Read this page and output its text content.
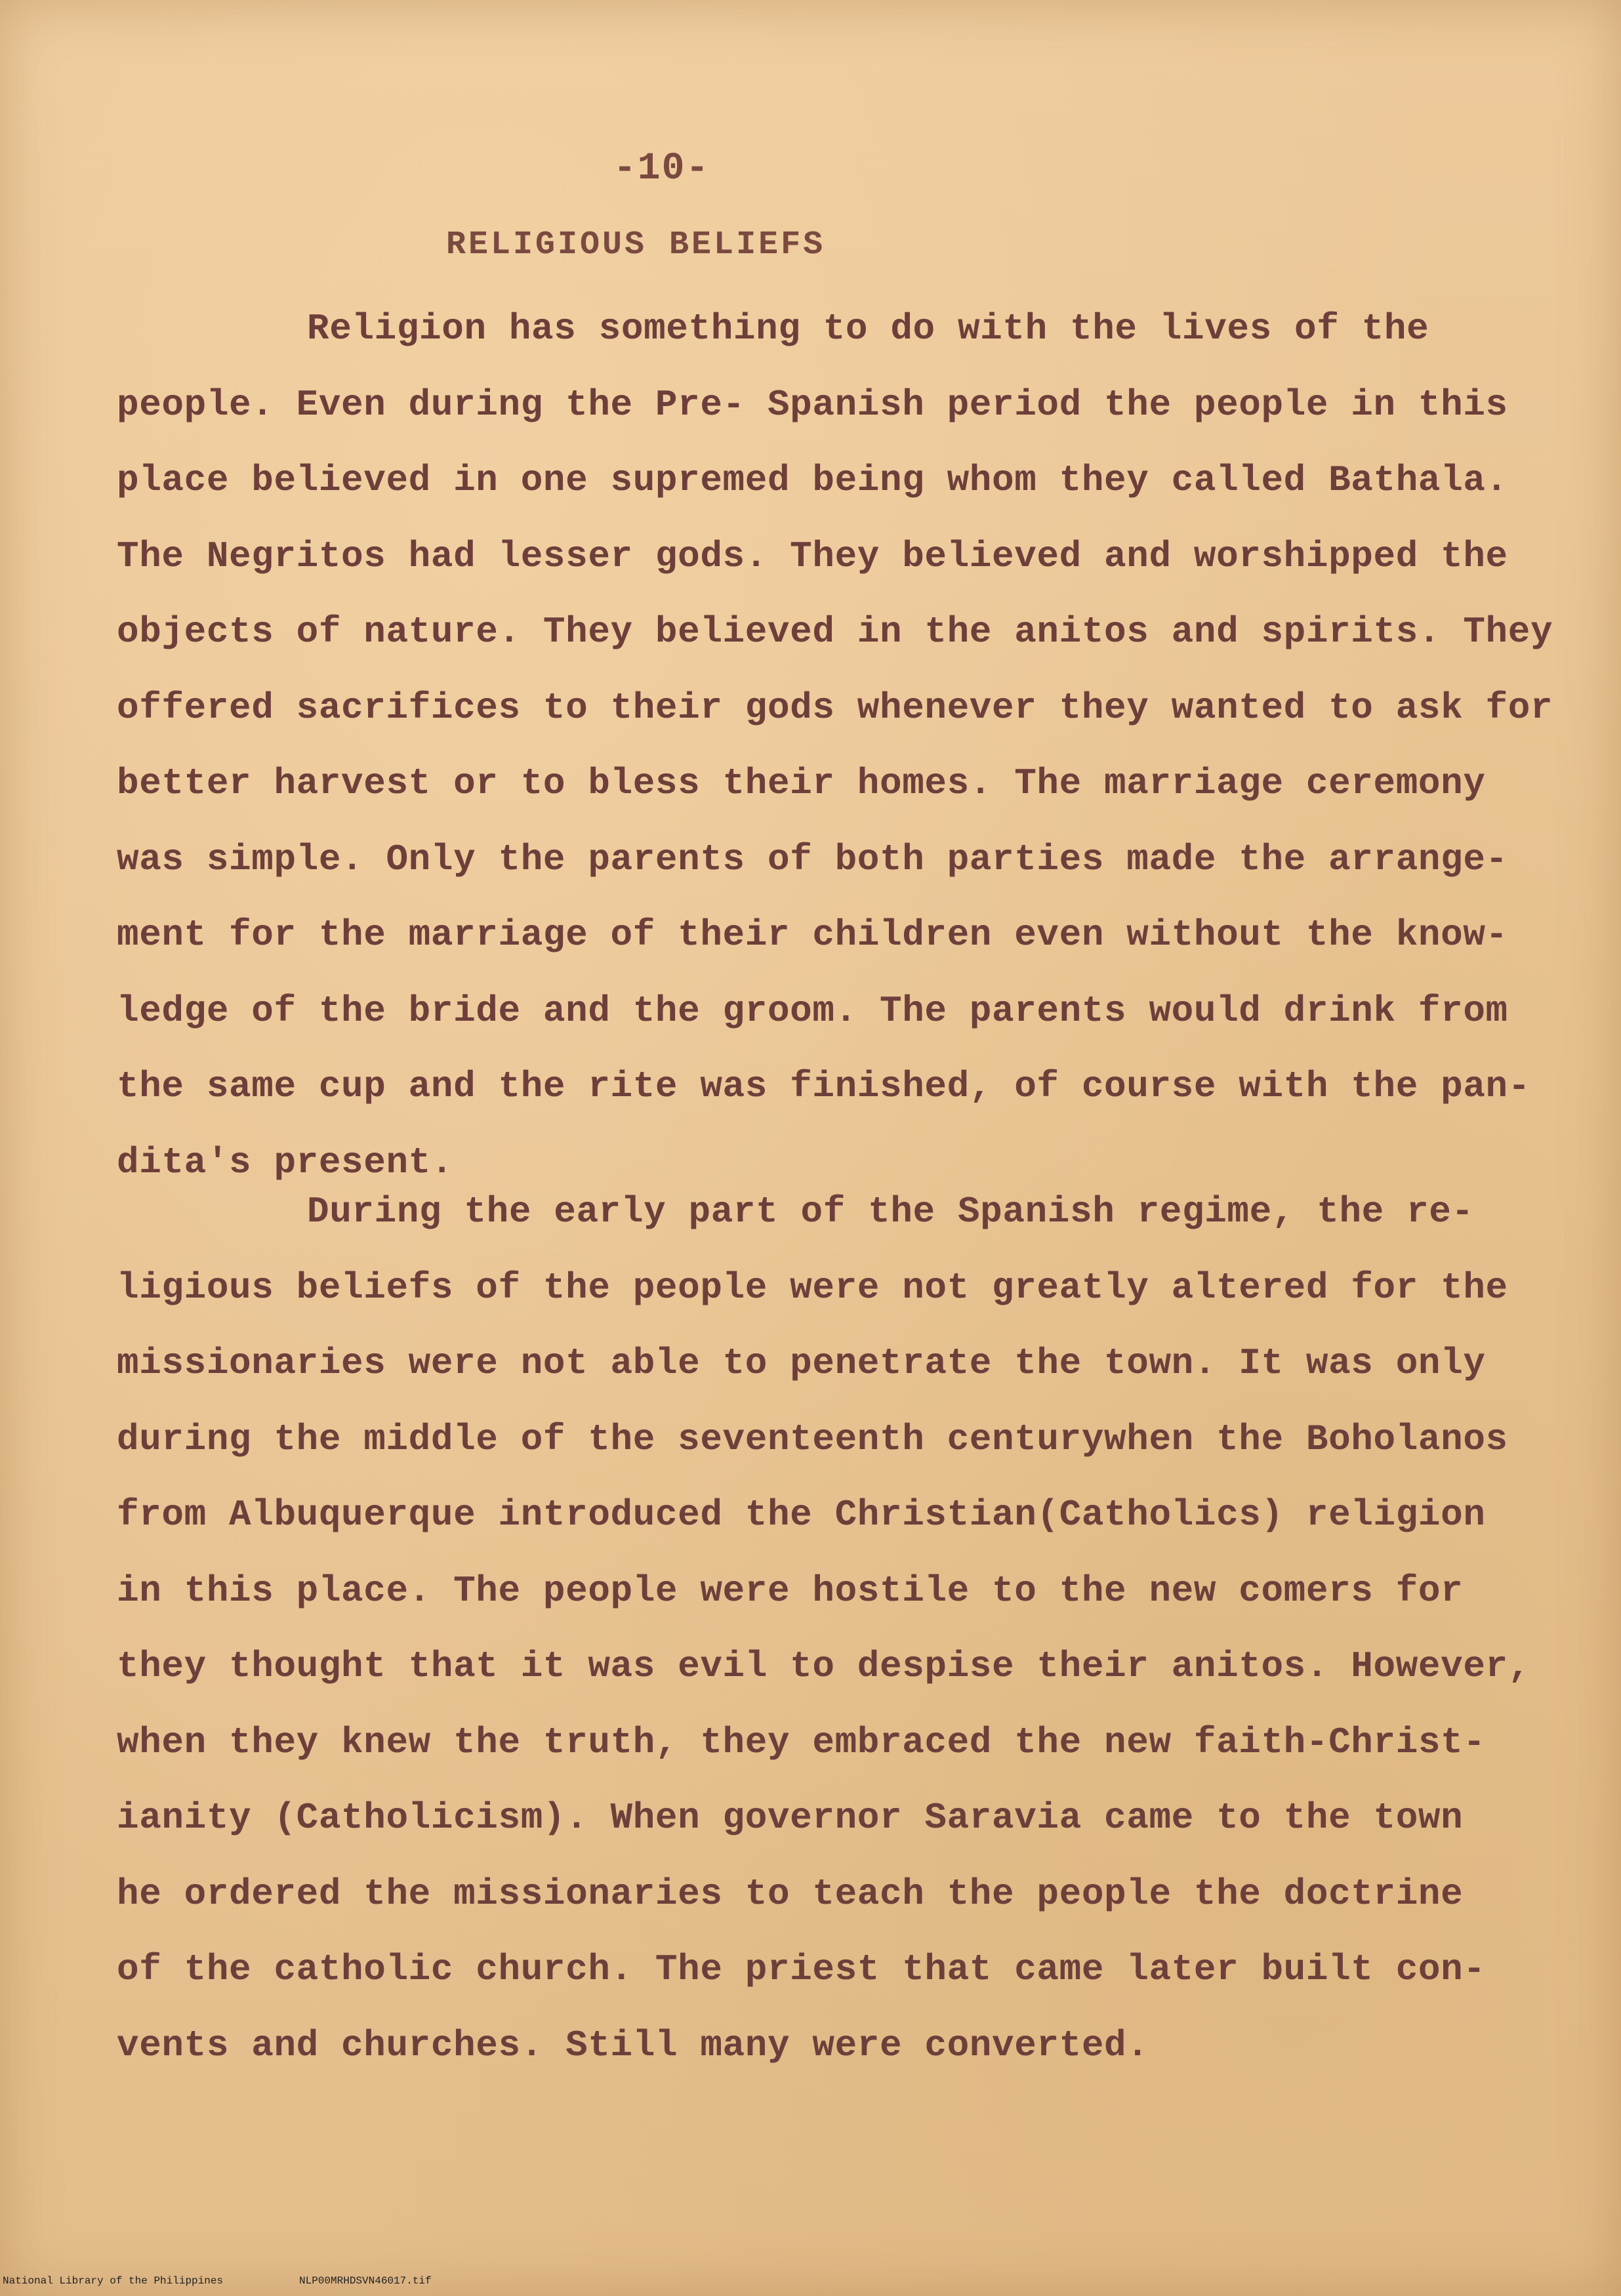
-10-
RELIGIOUS BELIEFS
Religion has something to do with the lives of the
people. Even during the Pre- Spanish period the people in this
place believed in one supremed being whom they called Bathala.
The Negritos had lesser gods. They believed and worshipped the
objects of nature. They believed in the anitos and spirits. They
offered sacrifices to their gods whenever they wanted to ask for
better harvest or to bless their homes. The marriage ceremony
was simple. Only the parents of both parties made the arrange-
ment for the marriage of their children even without the know-
ledge of the bride and the groom. The parents would drink from
the same cup and the rite was finished, of course with the pan-
dita's present.
During the early part of the Spanish regime, the re-
ligious beliefs of the people were not greatly altered for the
missionaries were not able to penetrate the town. It was only
during the middle of the seventeenth centurywhen the Boholanos
from Albuquerque introduced the Christian(Catholics) religion
in this place. The people were hostile to the new comers for
they thought that it was evil to despise their anitos. However,
when they knew the truth, they embraced the new faith-Christ-
ianity (Catholicism). When governor Saravia came to the town
he ordered the missionaries to teach the people the doctrine
of the catholic church. The priest that came later built con-
vents and churches. Still many were converted.
National Library of the Philippines	NLP00MRHDSVN46017.tif
